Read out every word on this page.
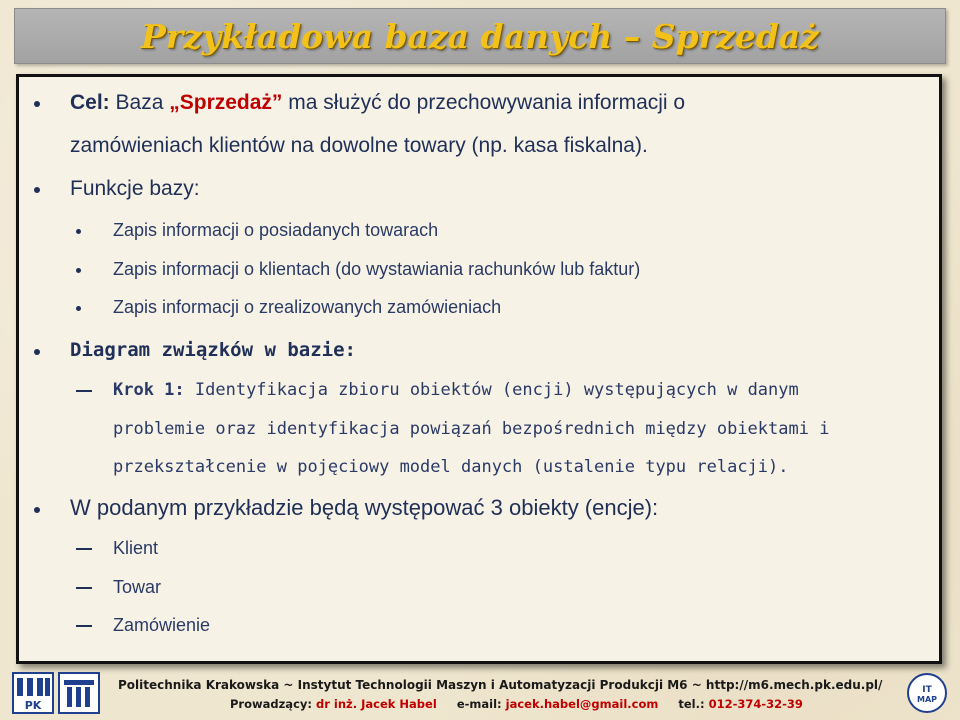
Przykładowa baza danych – Sprzedaż
Cel: Baza „Sprzedaż” ma służyć do przechowywania informacji o
zamówieniach klientów na dowolne towary (np. kasa fiskalna).
Funkcje bazy:
Zapis informacji o posiadanych towarach
Zapis informacji o klientach (do wystawiania rachunków lub faktur)
Zapis informacji o zrealizowanych zamówieniach
Diagram związków w bazie:
Krok 1: Identyfikacja zbioru obiektów (encji) występujących w danym
problemie oraz identyfikacja powiązań bezpośrednich między obiektami i
przekształcenie w pojęciowy model danych (ustalenie typu relacji).
W podanym przykładzie będą występować 3 obiekty (encje):
Klient
Towar
Zamówienie
PK
Politechnika Krakowska ~ Instytut Technologii Maszyn i Automatyzacji Produkcji M6 ~ http://m6.mech.pk.edu.pl/
Prowadzący: dr inż. Jacek Habel e-mail: jacek.habel@gmail.com tel.: 012-374-32-39
IT
MAP
